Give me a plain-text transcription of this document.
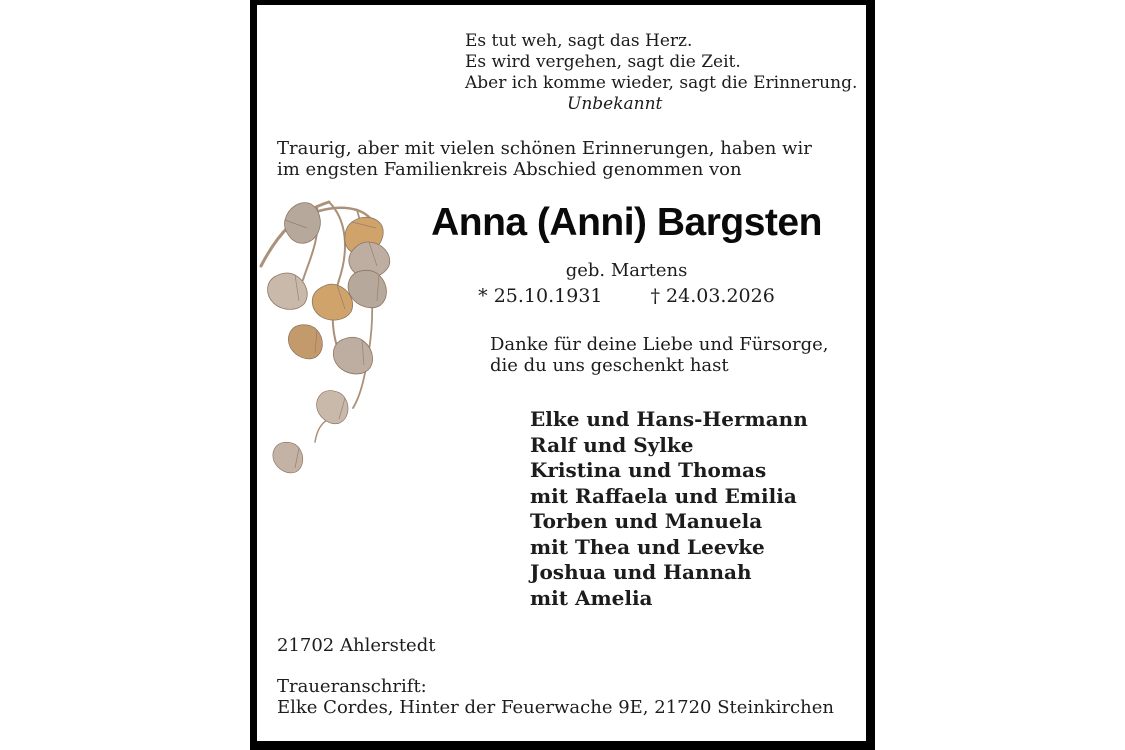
Es tut weh, sagt das Herz.
Es wird vergehen, sagt die Zeit.
Aber ich komme wieder, sagt die Erinnerung.
Unbekannt
Traurig, aber mit vielen schönen Erinnerungen, haben wir
im engsten Familienkreis Abschied genommen von
Anna (Anni) Bargsten
geb. Martens
* 25.10.1931	† 24.03.2026
Danke für deine Liebe und Fürsorge,
die du uns geschenkt hast
Elke und Hans-Hermann
Ralf und Sylke
Kristina und Thomas
mit Raffaela und Emilia
Torben und Manuela
mit Thea und Leevke
Joshua und Hannah
mit Amelia
21702 Ahlerstedt
Traueranschrift:
Elke Cordes, Hinter der Feuerwache 9E, 21720 Steinkirchen
